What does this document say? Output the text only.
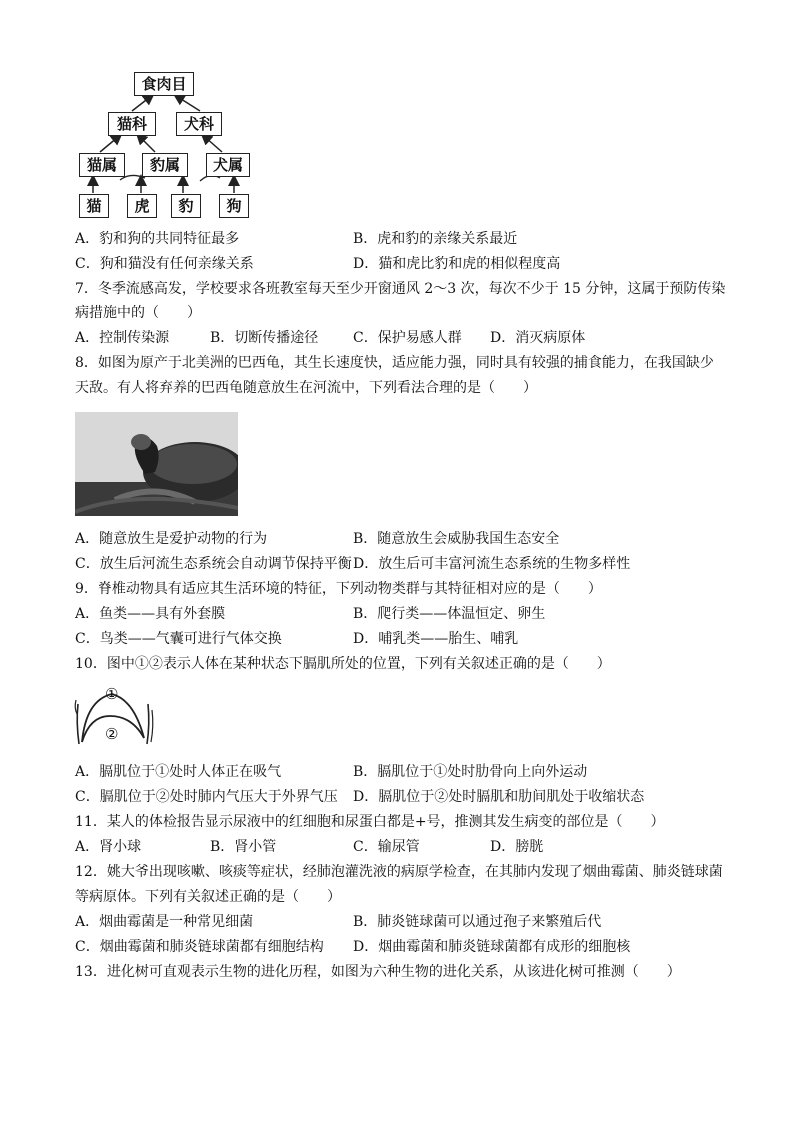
食肉目
猫科	犬科
猫属	豹属	犬属
猫	虎	豹	狗
A．豹和狗的共同特征最多	B．虎和豹的亲缘关系最近
C．狗和猫没有任何亲缘关系	D．猫和虎比豹和虎的相似程度高
7．冬季流感高发，学校要求各班教室每天至少开窗通风 2～3 次，每次不少于 15 分钟，这属于预防传染
病措施中的（　　）
A．控制传染源	B．切断传播途径 C．保护易感人群 D．消灭病原体
8．如图为原产于北美洲的巴西龟，其生长速度快，适应能力强，同时具有较强的捕食能力，在我国缺少
天敌。有人将弃养的巴西龟随意放生在河流中，下列看法合理的是（　　）
A．随意放生是爱护动物的行为	B．随意放生会威胁我国生态安全
C．放生后河流生态系统会自动调节保持平衡 D．放生后可丰富河流生态系统的生物多样性
9．脊椎动物具有适应其生活环境的特征，下列动物类群与其特征相对应的是（　　）
A．鱼类——具有外套膜	B．爬行类——体温恒定、卵生
C．鸟类——气囊可进行气体交换	D．哺乳类——胎生、哺乳
10．图中①②表示人体在某种状态下膈肌所处的位置，下列有关叙述正确的是（　　）
①
②
A．膈肌位于①处时人体正在吸气	B．膈肌位于①处时肋骨向上向外运动
C．膈肌位于②处时肺内气压大于外界气压 D．膈肌位于②处时膈肌和肋间肌处于收缩状态
11．某人的体检报告显示尿液中的红细胞和尿蛋白都是+号，推测其发生病变的部位是（　　）
A．肾小球	B．肾小管	C．输尿管	D．膀胱
12．姚大爷出现咳嗽、咳痰等症状，经肺泡灌洗液的病原学检查，在其肺内发现了烟曲霉菌、肺炎链球菌
等病原体。下列有关叙述正确的是（　　）
A．烟曲霉菌是一种常见细菌	B．肺炎链球菌可以通过孢子来繁殖后代
C．烟曲霉菌和肺炎链球菌都有细胞结构 D．烟曲霉菌和肺炎链球菌都有成形的细胞核
13．进化树可直观表示生物的进化历程，如图为六种生物的进化关系，从该进化树可推测（　　）
